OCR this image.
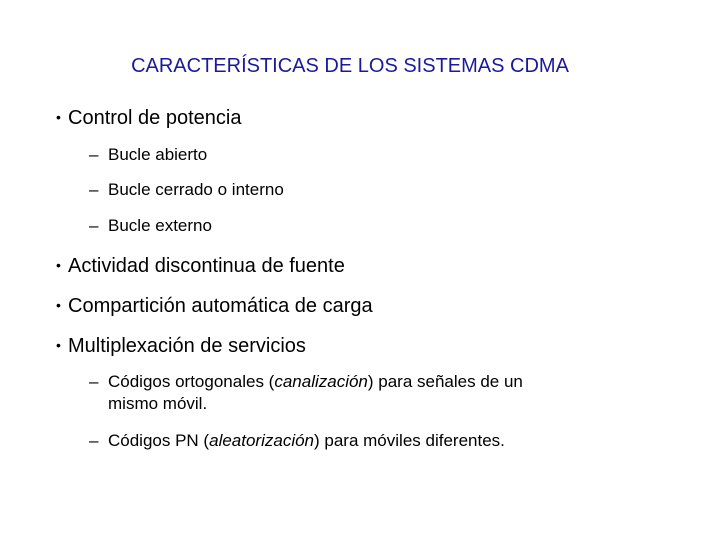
CARACTERÍSTICAS DE LOS SISTEMAS CDMA
• Control de potencia
– Bucle abierto
– Bucle cerrado o interno
– Bucle externo
• Actividad discontinua de fuente
• Compartición automática de carga
• Multiplexación de servicios
– Códigos ortogonales (canalización) para señales de un
mismo móvil.
– Códigos PN (aleatorización) para móviles diferentes.
